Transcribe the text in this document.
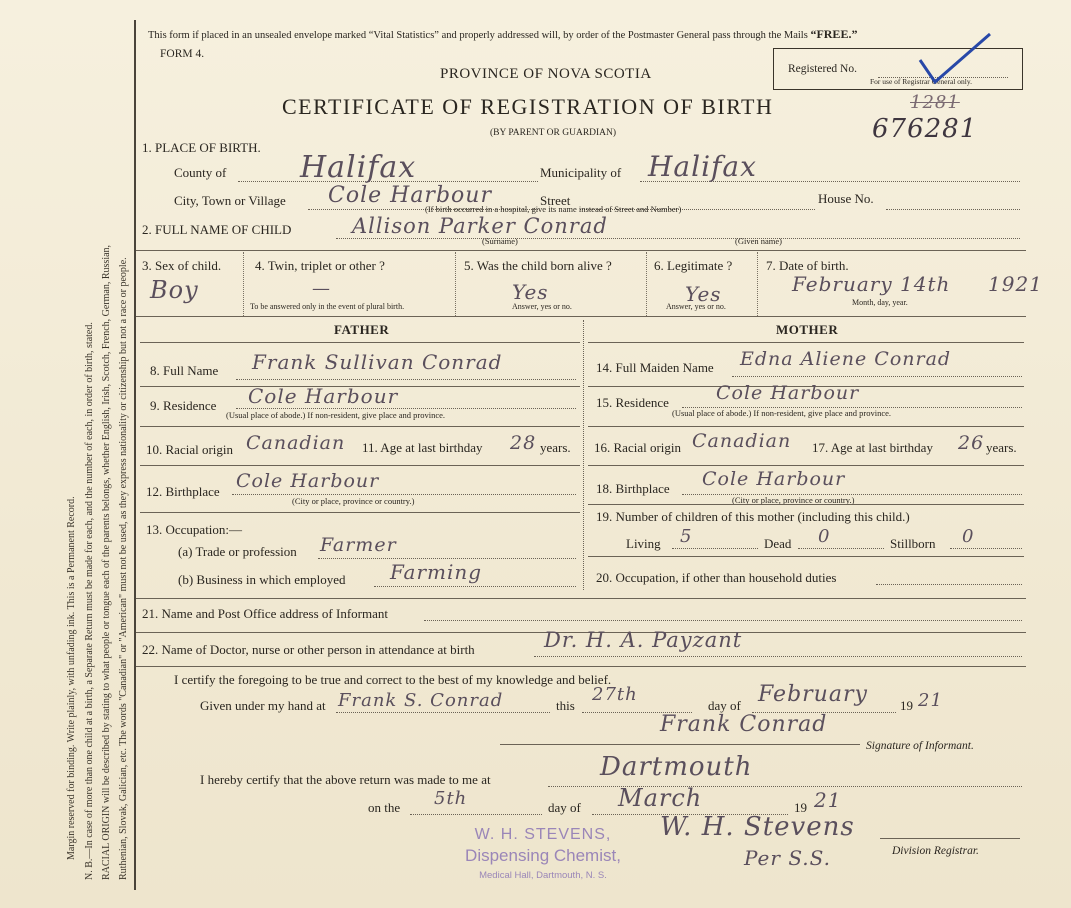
Margin reserved for binding. Write plainly, with unfading ink. This is a Permanent Record. N. B.—In case of more than one child at a birth, a Separate Return must be made for each, and the number of each, in order of birth, stated. RACIAL ORIGIN will be described by stating to what people or tongue each of the parents belongs, whether English, Irish, Scotch, French, German, Russian, Ruthenian, Slovak, Galician, etc. The words "Canadian" or "American" must not be used, as they express nationality or citizenship but not a race or people.
This form if placed in an unsealed envelope marked “Vital Statistics” and properly addressed will, by order of the Postmaster General pass through the Mails “FREE.”
FORM 4.
PROVINCE OF NOVA SCOTIA
CERTIFICATE OF REGISTRATION OF BIRTH
(BY PARENT OR GUARDIAN)
Registered No.
For use of Registrar General only.
1281
676281
1. PLACE OF BIRTH.
County of Halifax	Municipality of Halifax
City, Town or Village Cole Harbour	Street	House No.
(If birth occurred in a hospital, give its name instead of Street and Number)
2. FULL NAME OF CHILD	Allison Parker Conrad
(Surname)	(Given name)
3. Sex of child.
Boy
4. Twin, triplet or other ?
—
To be answered only in the event of plural birth.
5. Was the child born alive ?
Yes
Answer, yes or no.
6. Legitimate ?
Yes
Answer, yes or no.
7. Date of birth.
February 14th 1921
Month, day, year.
FATHER	MOTHER
8. Full Name Frank Sullivan Conrad
9. Residence Cole Harbour
(Usual place of abode.) If non-resident, give place and province.
10. Racial origin Canadian 11. Age at last birthday 28 years.
12. Birthplace Cole Harbour
(City or place, province or country.)
13. Occupation:—
(a) Trade or profession Farmer
(b) Business in which employed Farming
14. Full Maiden Name Edna Aliene Conrad
15. Residence Cole Harbour
(Usual place of abode.) If non-resident, give place and province.
16. Racial origin Canadian 17. Age at last birthday 26 years.
18. Birthplace Cole Harbour
(City or place, province or country.)
19. Number of children of this mother (including this child.)
Living 5	Dead 0	Stillborn 0
20. Occupation, if other than household duties
21. Name and Post Office address of Informant
22. Name of Doctor, nurse or other person in attendance at birth	Dr. H. A. Payzant
I certify the foregoing to be true and correct to the best of my knowledge and belief.
Given under my hand at Frank S. Conrad	this
27th
day of February 19 21
Frank Conrad
Signature of Informant.
I hereby certify that the above return was made to me at	Dartmouth
on the 5th	day of March	19 21
W. H. Stevens
Per S.S.	Division Registrar.
W. H. STEVENS,
Dispensing Chemist,
Medical Hall, Dartmouth, N. S.
